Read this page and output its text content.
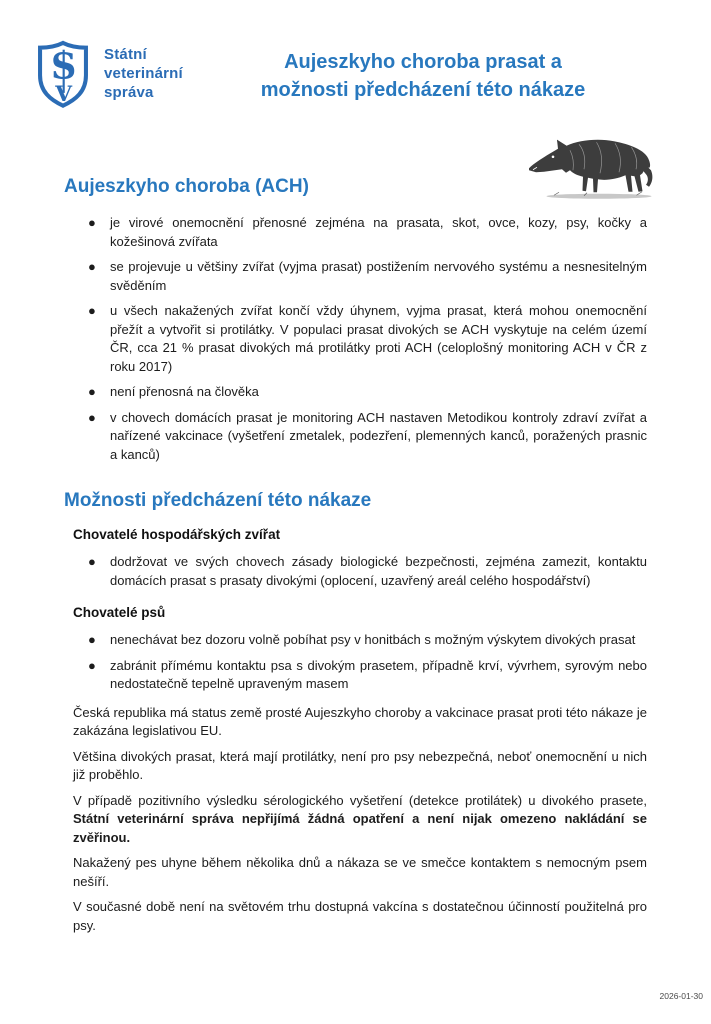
S
V
Státní
veterinární
správa
Aujeszkyho choroba prasat a
možnosti předcházení této nákaze
Aujeszkyho choroba (ACH)
● je virové onemocnění přenosné zejména na prasata, skot, ovce, kozy, psy, kočky a kožešinová zvířata
● se projevuje u většiny zvířat (vyjma prasat) postižením nervového systému a nesnesitelným svěděním
● u všech nakažených zvířat končí vždy úhynem, vyjma prasat, která mohou onemocnění přežít a vytvořit si protilátky. V populaci prasat divokých se ACH vyskytuje na celém území ČR, cca 21 % prasat divokých má protilátky proti ACH (celoplošný monitoring ACH v ČR z roku 2017)
● není přenosná na člověka
● v chovech domácích prasat je monitoring ACH nastaven Metodikou kontroly zdraví zvířat a nařízené vakcinace (vyšetření zmetalek, podezření, plemenných kanců, poražených prasnic a kanců)
Možnosti předcházení této nákaze
Chovatelé hospodářských zvířat
● dodržovat ve svých chovech zásady biologické bezpečnosti, zejména zamezit, kontaktu domácích prasat s prasaty divokými (oplocení, uzavřený areál celého hospodářství)
Chovatelé psů
● nenechávat bez dozoru volně pobíhat psy v honitbách s možným výskytem divokých prasat
● zabránit přímému kontaktu psa s divokým prasetem, případně krví, vývrhem, syrovým nebo nedostatečně tepelně upraveným masem

Česká republika má status země prosté Aujeszkyho choroby a vakcinace prasat proti této nákaze je zakázána legislativou EU.

Většina divokých prasat, která mají protilátky, není pro psy nebezpečná, neboť onemocnění u nich již proběhlo.

V případě pozitivního výsledku sérologického vyšetření (detekce protilátek) u divokého prasete, Státní veterinární správa nepřijímá žádná opatření a není nijak omezeno nakládání se zvěřinou.

Nakažený pes uhyne během několika dnů a nákaza se ve smečce kontaktem s nemocným psem nešíří.

V současné době není na světovém trhu dostupná vakcína s dostatečnou účinností použitelná pro psy.

2026-01-30
